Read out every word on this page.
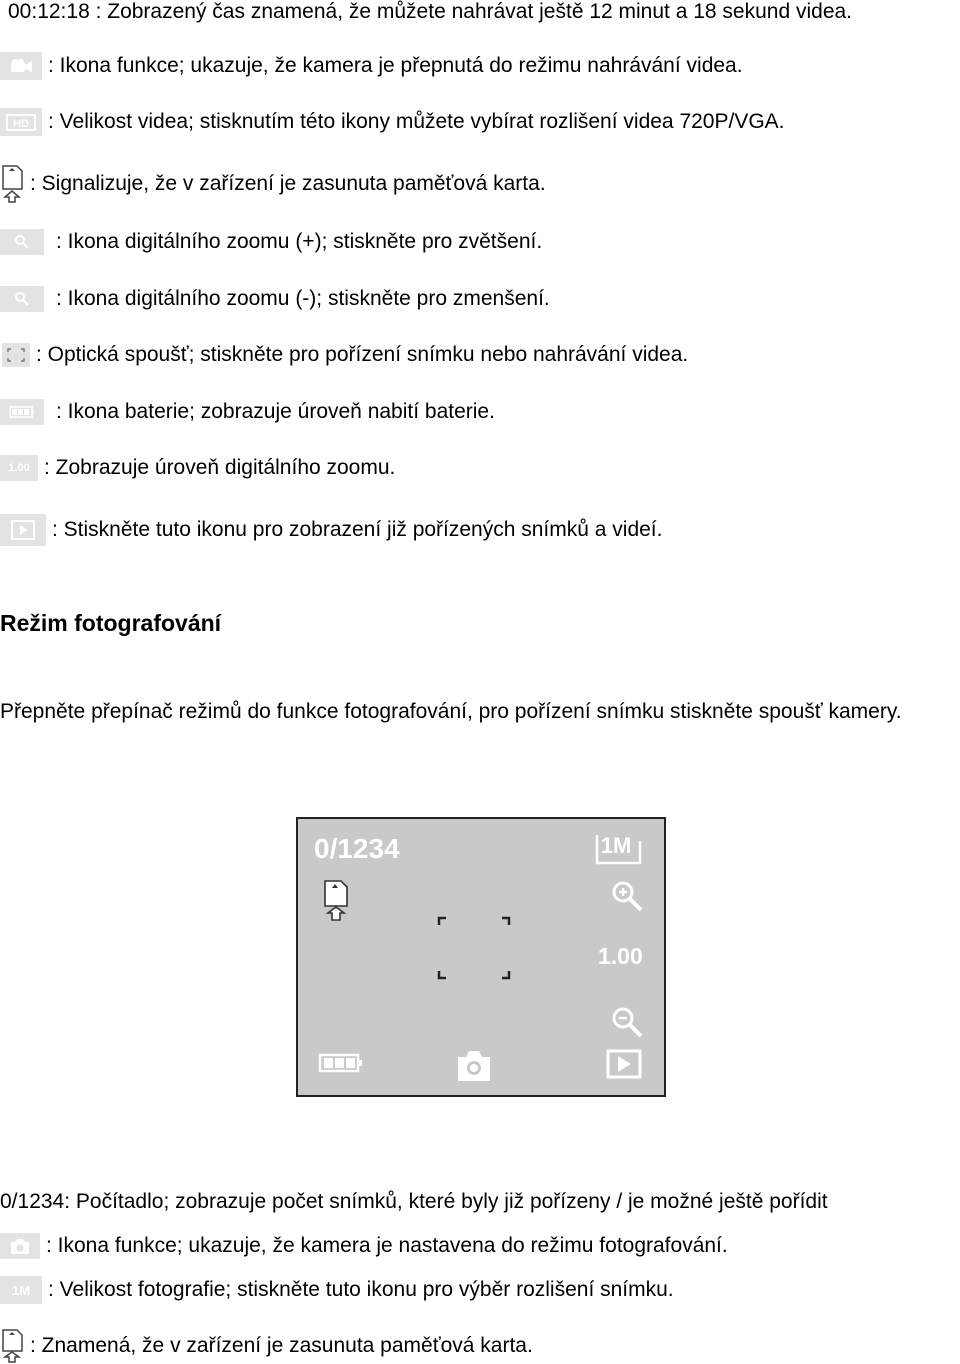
00:12:18 : Zobrazený čas znamená, že můžete nahrávat ještě 12 minut a 18 sekund videa.
: Ikona funkce; ukazuje, že kamera je přepnutá do režimu nahrávání videa.
HD : Velikost videa; stisknutím této ikony můžete vybírat rozlišení videa 720P/VGA.
: Signalizuje, že v zařízení je zasunuta paměťová karta.
: Ikona digitálního zoomu (+); stiskněte pro zvětšení.
: Ikona digitálního zoomu (-); stiskněte pro zmenšení.
: Optická spoušť; stiskněte pro pořízení snímku nebo nahrávání videa.
: Ikona baterie; zobrazuje úroveň nabití baterie.
1.00 : Zobrazuje úroveň digitálního zoomu.
: Stiskněte tuto ikonu pro zobrazení již pořízených snímků a videí.
Režim fotografování
Přepněte přepínač režimů do funkce fotografování, pro pořízení snímku stiskněte spoušť kamery.
0/1234	1M
1.00
0/1234: Počítadlo; zobrazuje počet snímků, které byly již pořízeny / je možné ještě pořídit
: Ikona funkce; ukazuje, že kamera je nastavena do režimu fotografování.
1M : Velikost fotografie; stiskněte tuto ikonu pro výběr rozlišení snímku.
: Znamená, že v zařízení je zasunuta paměťová karta.
